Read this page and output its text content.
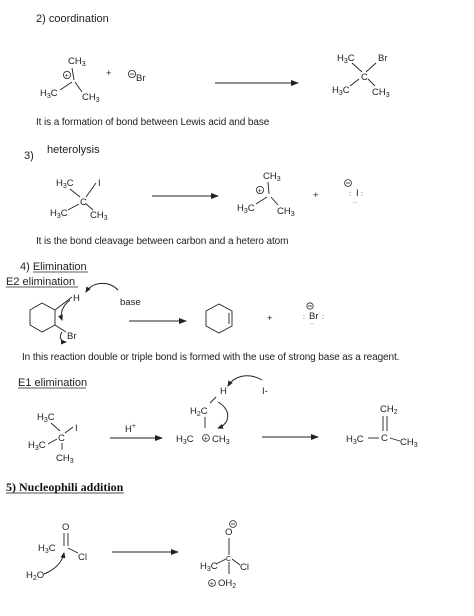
2) coordination
$CH_3$
+
$H_3C$	$CH_3$
+	Br
$H_3C$ Br
C
$H_3C$ $CH_3$
It is a formation of bond between Lewis acid and base
3) heterolysis
$H_3C$	I
C
$H_3C$ $CH_3$
$CH_3$
+
$H_3C$ $CH_3$
+	I
: :
··
It is the bond cleavage between carbon and a hetero atom
4) Elimination
E2 elimination
H
Br
base
+	Br
: :
··
In this reaction double or triple bond is formed with the use of strong base as a reagent.
E1 elimination
$H_3C$
I
C
$H_3C$
$CH_3$
H+
H	I-
$H_2C$
+
$H_3C$ $CH_3$
$CH_2$
C
$H_3C$	$CH_3$
5) Nucleophili addition
O
$H_3C$
Cl
$H_2O$
O
$H_3C$
C
Cl
+ $OH_2$
